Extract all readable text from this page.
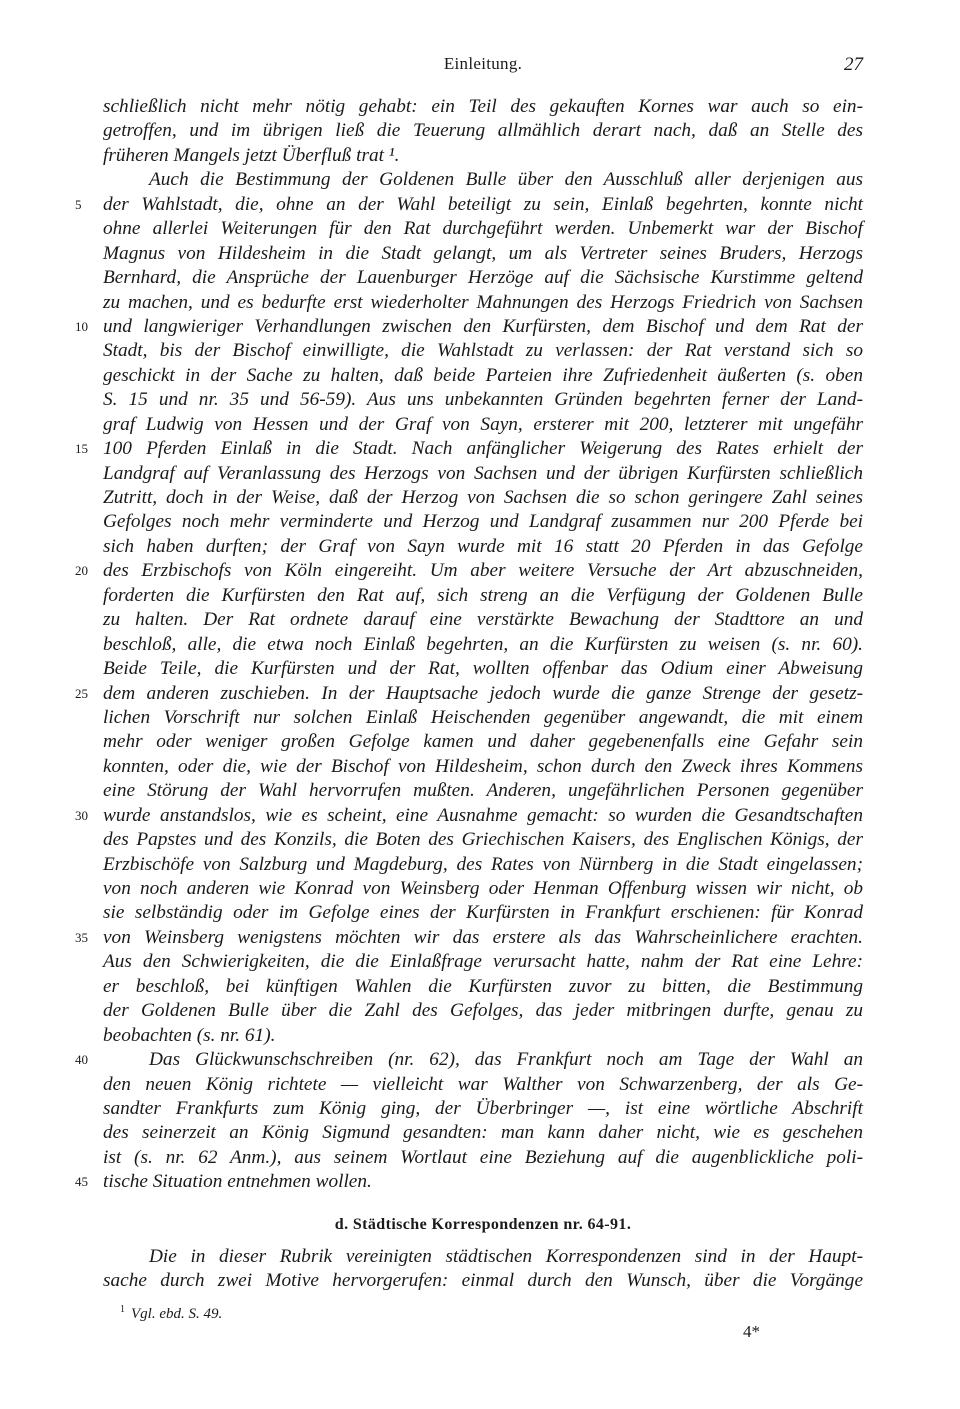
Einleitung.	27
schließlich nicht mehr nötig gehabt: ein Teil des gekauften Kornes war auch so ein-
getroffen, und im übrigen ließ die Teuerung allmählich derart nach, daß an Stelle des
früheren Mangels jetzt Überfluß trat ¹.
Auch die Bestimmung der Goldenen Bulle über den Ausschluß aller derjenigen aus
5 der Wahlstadt, die, ohne an der Wahl beteiligt zu sein, Einlaß begehrten, konnte nicht
ohne allerlei Weiterungen für den Rat durchgeführt werden. Unbemerkt war der Bischof
Magnus von Hildesheim in die Stadt gelangt, um als Vertreter seines Bruders, Herzogs
Bernhard, die Ansprüche der Lauenburger Herzöge auf die Sächsische Kurstimme geltend
zu machen, und es bedurfte erst wiederholter Mahnungen des Herzogs Friedrich von Sachsen
10 und langwieriger Verhandlungen zwischen den Kurfürsten, dem Bischof und dem Rat der
Stadt, bis der Bischof einwilligte, die Wahlstadt zu verlassen: der Rat verstand sich so
geschickt in der Sache zu halten, daß beide Parteien ihre Zufriedenheit äußerten (s. oben
S. 15 und nr. 35 und 56-59). Aus uns unbekannten Gründen begehrten ferner der Land-
graf Ludwig von Hessen und der Graf von Sayn, ersterer mit 200, letzterer mit ungefähr
15 100 Pferden Einlaß in die Stadt. Nach anfänglicher Weigerung des Rates erhielt der
Landgraf auf Veranlassung des Herzogs von Sachsen und der übrigen Kurfürsten schließlich
Zutritt, doch in der Weise, daß der Herzog von Sachsen die so schon geringere Zahl seines
Gefolges noch mehr verminderte und Herzog und Landgraf zusammen nur 200 Pferde bei
sich haben durften; der Graf von Sayn wurde mit 16 statt 20 Pferden in das Gefolge
20 des Erzbischofs von Köln eingereiht. Um aber weitere Versuche der Art abzuschneiden,
forderten die Kurfürsten den Rat auf, sich streng an die Verfügung der Goldenen Bulle
zu halten. Der Rat ordnete darauf eine verstärkte Bewachung der Stadttore an und
beschloß, alle, die etwa noch Einlaß begehrten, an die Kurfürsten zu weisen (s. nr. 60).
Beide Teile, die Kurfürsten und der Rat, wollten offenbar das Odium einer Abweisung
25 dem anderen zuschieben. In der Hauptsache jedoch wurde die ganze Strenge der gesetz-
lichen Vorschrift nur solchen Einlaß Heischenden gegenüber angewandt, die mit einem
mehr oder weniger großen Gefolge kamen und daher gegebenenfalls eine Gefahr sein
konnten, oder die, wie der Bischof von Hildesheim, schon durch den Zweck ihres Kommens
eine Störung der Wahl hervorrufen mußten. Anderen, ungefährlichen Personen gegenüber
30 wurde anstandslos, wie es scheint, eine Ausnahme gemacht: so wurden die Gesandtschaften
des Papstes und des Konzils, die Boten des Griechischen Kaisers, des Englischen Königs, der
Erzbischöfe von Salzburg und Magdeburg, des Rates von Nürnberg in die Stadt eingelassen;
von noch anderen wie Konrad von Weinsberg oder Henman Offenburg wissen wir nicht, ob
sie selbständig oder im Gefolge eines der Kurfürsten in Frankfurt erschienen: für Konrad
35 von Weinsberg wenigstens möchten wir das erstere als das Wahrscheinlichere erachten.
Aus den Schwierigkeiten, die die Einlaßfrage verursacht hatte, nahm der Rat eine Lehre:
er beschloß, bei künftigen Wahlen die Kurfürsten zuvor zu bitten, die Bestimmung
der Goldenen Bulle über die Zahl des Gefolges, das jeder mitbringen durfte, genau zu
beobachten (s. nr. 61).
40	Das Glückwunschschreiben (nr. 62), das Frankfurt noch am Tage der Wahl an
den neuen König richtete — vielleicht war Walther von Schwarzenberg, der als Ge-
sandter Frankfurts zum König ging, der Überbringer —, ist eine wörtliche Abschrift
des seinerzeit an König Sigmund gesandten: man kann daher nicht, wie es geschehen
ist (s. nr. 62 Anm.), aus seinem Wortlaut eine Beziehung auf die augenblickliche poli-
45 tische Situation entnehmen wollen.
d. Städtische Korrespondenzen nr. 64-91.
Die in dieser Rubrik vereinigten städtischen Korrespondenzen sind in der Haupt-
sache durch zwei Motive hervorgerufen: einmal durch den Wunsch, über die Vorgänge
$^1$ Vgl. ebd. S. 49.
4*
